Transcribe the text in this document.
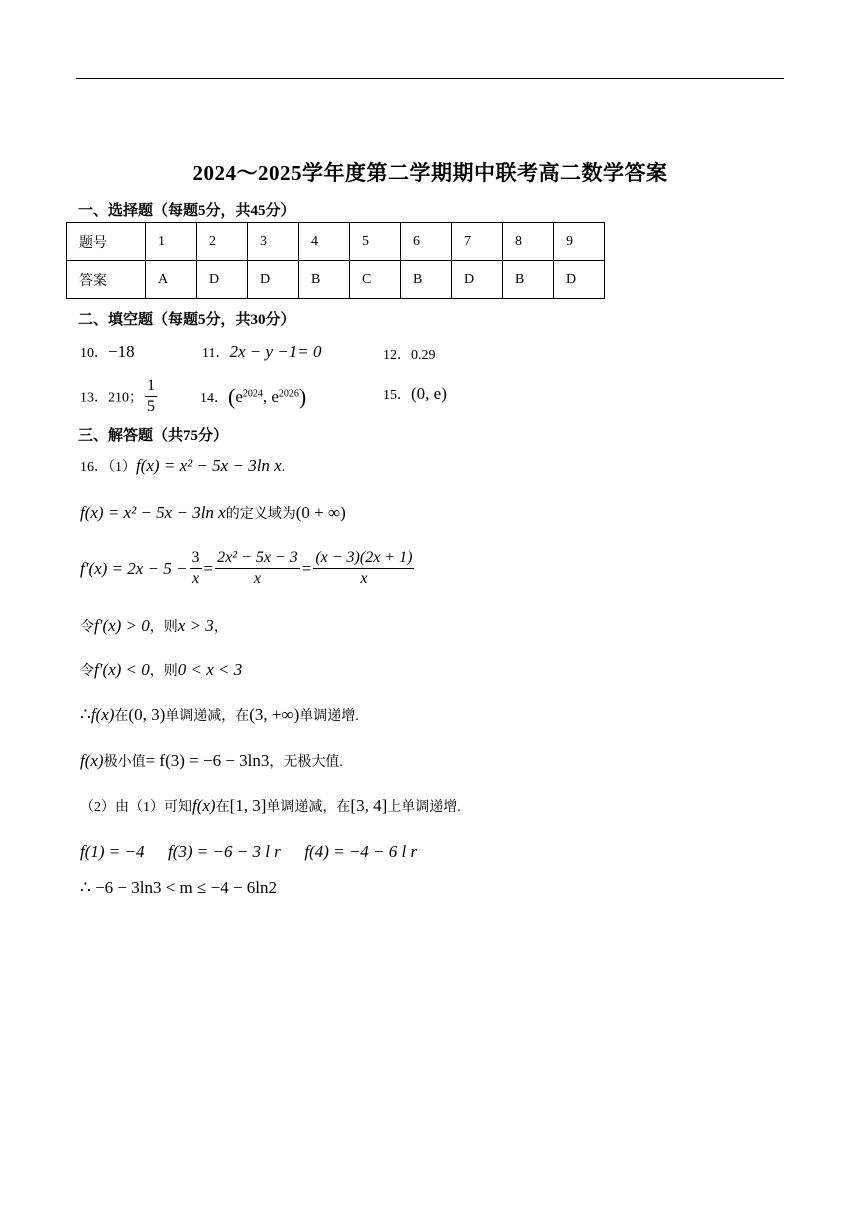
2024～2025学年度第二学期期中联考高二数学答案
一、选择题（每题5分，共45分）
题号	1	2	3	4	5	6	7	8	9
答案	A	D	D	B	C	B	D	B	D
二、填空题（每题5分，共30分）
10．−18	11．2x − y −1= 0	12．0.29
13．210； $\frac{1}{5}$	14．($e^{2024}$, $e^{2026}$)	15．(0, e)
三、解答题（共75分）
16．（1）f(x) = x² − 5x − 3ln x.
f(x) = x² − 5x − 3ln x的定义域为(0 + ∞)
$f'(x) = 2x - 5 - \frac{3}{x} = \frac{\text{2x² − 5x − 3}}{x} = \frac{(x - 3)(2x + 1)}{x}$
令f′(x) > 0，则x > 3，
令f′(x) < 0，则0 < x < 3
∴f(x)在(0, 3)单调递减，在(3, +∞)单调递增.
f(x)极小值= f(3) = −6 − 3ln3，无极大值.
（2）由（1）可知f(x)在[1, 3]单调递减，在[3, 4]上单调递增.
f(1) = −4 f(3) = −6 − 3 l r f(4) = −4 − 6 l r
∴ −6 − 3ln3 < m ≤ −4 − 6ln2
